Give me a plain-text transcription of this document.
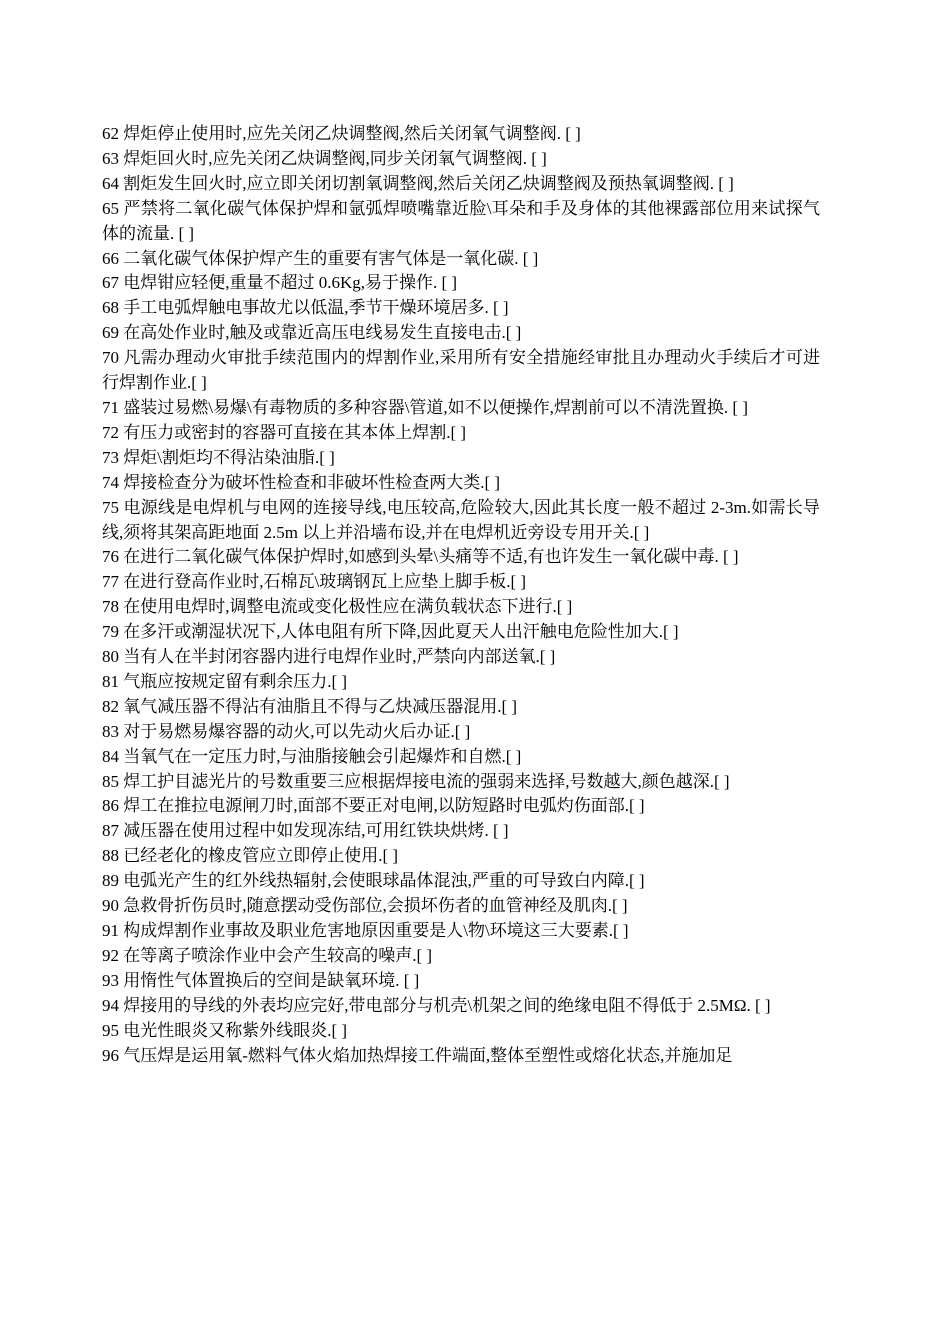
62 焊炬停止使用时,应先关闭乙炔调整阀,然后关闭氧气调整阀. [ ]

63 焊炬回火时,应先关闭乙炔调整阀,同步关闭氧气调整阀. [ ]

64 割炬发生回火时,应立即关闭切割氧调整阀,然后关闭乙炔调整阀及预热氧调整阀. [ ]

65 严禁将二氧化碳气体保护焊和氩弧焊喷嘴靠近脸\耳朵和手及身体的其他裸露部位用来试探气体的流量. [ ]

66 二氧化碳气体保护焊产生的重要有害气体是一氧化碳. [ ]

67 电焊钳应轻便,重量不超过 0.6Kg,易于操作. [ ]

68 手工电弧焊触电事故尤以低温,季节干燥环境居多. [ ]

69 在高处作业时,触及或靠近高压电线易发生直接电击.[ ]

70 凡需办理动火审批手续范围内的焊割作业,采用所有安全措施经审批且办理动火手续后才可进行焊割作业.[ ]

71 盛装过易燃\易爆\有毒物质的多种容器\管道,如不以便操作,焊割前可以不清洗置换. [ ]

72 有压力或密封的容器可直接在其本体上焊割.[ ]

73 焊炬\割炬均不得沾染油脂.[ ]

74 焊接检查分为破坏性检查和非破坏性检查两大类.[ ]

75 电源线是电焊机与电网的连接导线,电压较高,危险较大,因此其长度一般不超过 2-3m.如需长导线,须将其架高距地面 2.5m 以上并沿墙布设,并在电焊机近旁设专用开关.[ ]

76 在进行二氧化碳气体保护焊时,如感到头晕\头痛等不适,有也许发生一氧化碳中毒. [ ]

77 在进行登高作业时,石棉瓦\玻璃钢瓦上应垫上脚手板.[ ]

78 在使用电焊时,调整电流或变化极性应在满负载状态下进行.[ ]

79 在多汗或潮湿状况下,人体电阻有所下降,因此夏天人出汗触电危险性加大.[ ]

80 当有人在半封闭容器内进行电焊作业时,严禁向内部送氧.[ ]

81 气瓶应按规定留有剩余压力.[ ]

82 氧气减压器不得沾有油脂且不得与乙炔减压器混用.[ ]

83 对于易燃易爆容器的动火,可以先动火后办证.[ ]

84 当氧气在一定压力时,与油脂接触会引起爆炸和自燃.[ ]

85 焊工护目滤光片的号数重要三应根据焊接电流的强弱来选择,号数越大,颜色越深.[ ]

86 焊工在推拉电源闸刀时,面部不要正对电闸,以防短路时电弧灼伤面部.[ ]

87 减压器在使用过程中如发现冻结,可用红铁块烘烤. [ ]

88 已经老化的橡皮管应立即停止使用.[ ]

89 电弧光产生的红外线热辐射,会使眼球晶体混浊,严重的可导致白内障.[ ]

90 急救骨折伤员时,随意摆动受伤部位,会损坏伤者的血管神经及肌肉.[ ]

91 构成焊割作业事故及职业危害地原因重要是人\物\环境这三大要素.[ ]

92 在等离子喷涂作业中会产生较高的噪声.[ ]

93 用惰性气体置换后的空间是缺氧环境. [ ]

94 焊接用的导线的外表均应完好,带电部分与机壳\机架之间的绝缘电阻不得低于 2.5MΩ. [ ]

95 电光性眼炎又称紫外线眼炎.[ ]

96 气压焊是运用氧-燃料气体火焰加热焊接工件端面,整体至塑性或熔化状态,并施加足
